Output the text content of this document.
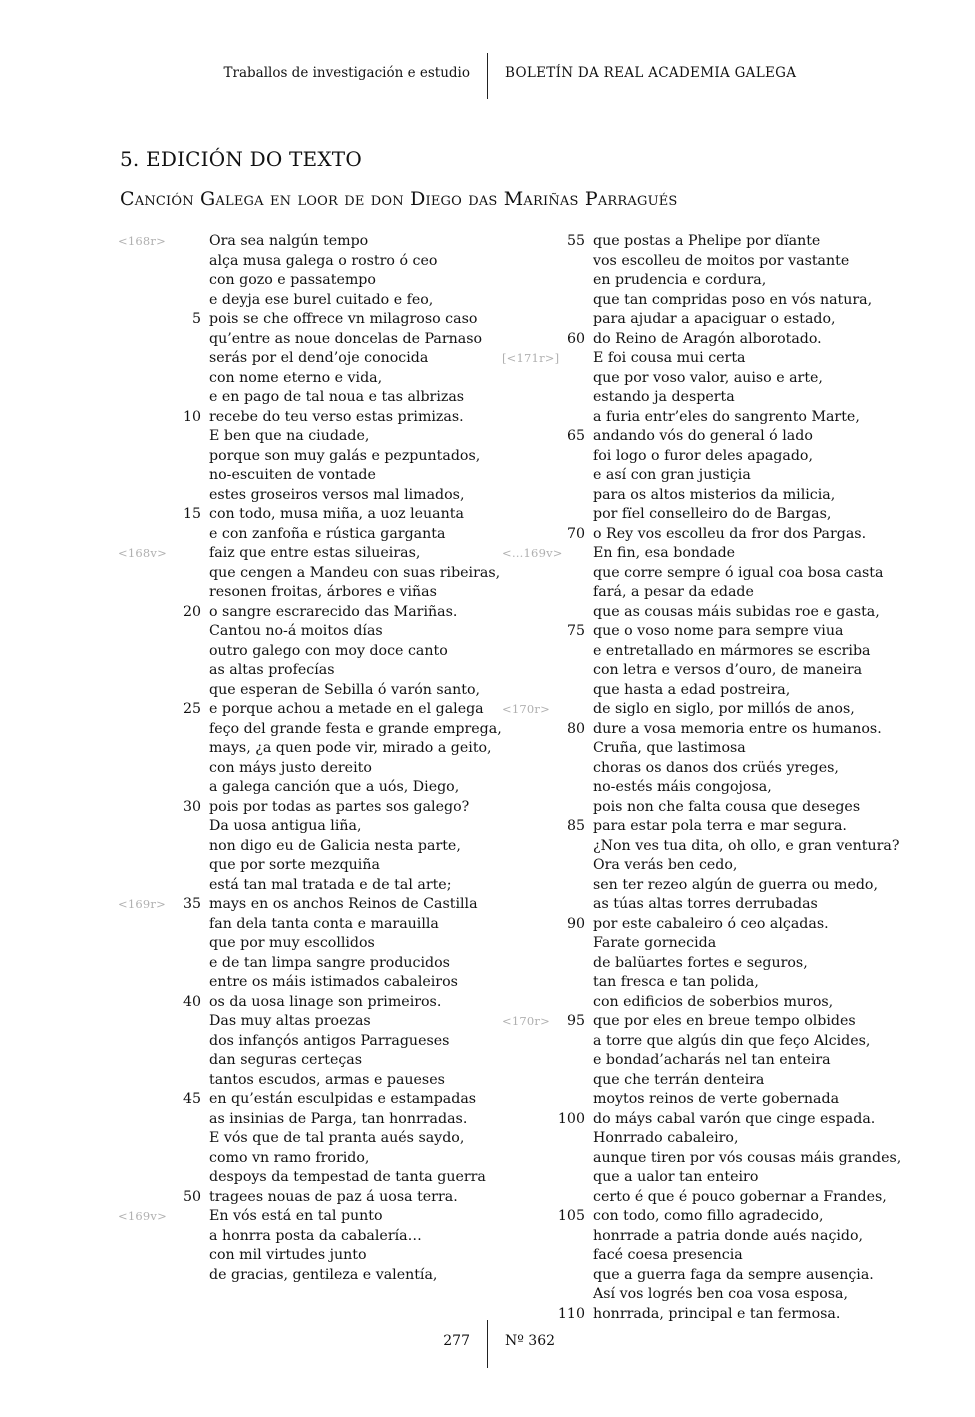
Traballos de investigación e estudio	BOLETÍN DA REAL ACADEMIA GALEGA
5. EDICIÓN DO TEXTO
Canción Galega en loor de don Diego das Mariñas Parragués
<168r>	Ora sea nalgún tempo
alça musa galega o rostro ó ceo
con gozo e passatempo
e deyja ese burel cuitado e feo,
5 pois se che offrece vn milagroso caso
qu’entre as noue doncelas de Parnaso
serás por el dend’oje conocida
con nome eterno e vida,
e en pago de tal noua e tas albrizas
10 recebe do teu verso estas primizas.
E ben que na ciudade,
porque son muy galás e pezpuntados,
no-escuiten de vontade
estes groseiros versos mal limados,
15 con todo, musa miña, a uoz leuanta
e con zanfoña e rústica garganta
<168v>	faiz que entre estas silueiras,
que cengen a Mandeu con suas ribeiras,
resonen froitas, árbores e viñas
20 o sangre escrarecido das Mariñas.
Cantou no-á moitos días
outro galego con moy doce canto
as altas profecías
que esperan de Sebilla ó varón santo,
25 e porque achou a metade en el galega
feço del grande festa e grande emprega,
mays, ¿a quen pode vir, mirado a geito,
con máys justo dereito
a galega canción que a uós, Diego,
30 pois por todas as partes sos galego?
Da uosa antigua liña,
non digo eu de Galicia nesta parte,
que por sorte mezquiña
está tan mal tratada e de tal arte;
<169r>	35 mays en os anchos Reinos de Castilla
fan dela tanta conta e marauilla
que por muy escollidos
e de tan limpa sangre producidos
entre os máis istimados cabaleiros
40 os da uosa linage son primeiros.
Das muy altas proezas
dos infançós antigos Parragueses
dan seguras certeças
tantos escudos, armas e paueses
45 en qu’están esculpidas e estampadas
as insinias de Parga, tan honrradas.
E vós que de tal pranta aués saydo,
como vn ramo frorido,
despoys da tempestad de tanta guerra
50 tragees nouas de paz á uosa terra.
<169v>	En vós está en tal punto
a honrra posta da cabalería…
con mil virtudes junto
de gracias, gentileza e valentía,
55 que postas a Phelipe por dïante
vos escolleu de moitos por vastante
en prudencia e cordura,
que tan compridas poso en vós natura,
para ajudar a apaciguar o estado,
60 do Reino de Aragón alborotado.
[<171r>] E foi cousa mui certa
que por voso valor, auiso e arte,
estando ja desperta
a furia entr’eles do sangrento Marte,
65 andando vós do general ó lado
foi logo o furor deles apagado,
e así con gran justiçia
para os altos misterios da milicia,
por fïel conselleiro do de Bargas,
70 o Rey vos escolleu da fror dos Pargas.
<…169v> En fin, esa bondade
que corre sempre ó igual coa bosa casta
fará, a pesar da edade
que as cousas máis subidas roe e gasta,
75 que o voso nome para sempre viua
e entretallado en mármores se escriba
con letra e versos d’ouro, de maneira
que hasta a edad postreira,
<170r>	de siglo en siglo, por millós de anos,
80 dure a vosa memoria entre os humanos.
Cruña, que lastimosa
choras os danos dos crüés yreges,
no-estés máis congojosa,
pois non che falta cousa que deseges
85 para estar pola terra e mar segura.
¿Non ves tua dita, oh ollo, e gran ventura?
Ora verás ben cedo,
sen ter rezeo algún de guerra ou medo,
as túas altas torres derrubadas
90 por este cabaleiro ó ceo alçadas.
Farate gornecida
de balüartes fortes e seguros,
tan fresca e tan polida,
con edificios de soberbios muros,
<170r>	95 que por eles en breue tempo olbides
a torre que algús din que feço Alcides,
e bondad’acharás nel tan enteira
que che terrán denteira
moytos reinos de verte gobernada
100 do máys cabal varón que cinge espada.
Honrrado cabaleiro,
aunque tiren por vós cousas máis grandes,
que a ualor tan enteiro
certo é que é pouco gobernar a Frandes,
105 con todo, como fillo agradecido,
honrrade a patria donde aués naçido,
facé coesa presencia
que a guerra faga da sempre ausençia.
Así vos logrés ben coa vosa esposa,
110 honrrada, principal e tan fermosa.
277	Nº 362
